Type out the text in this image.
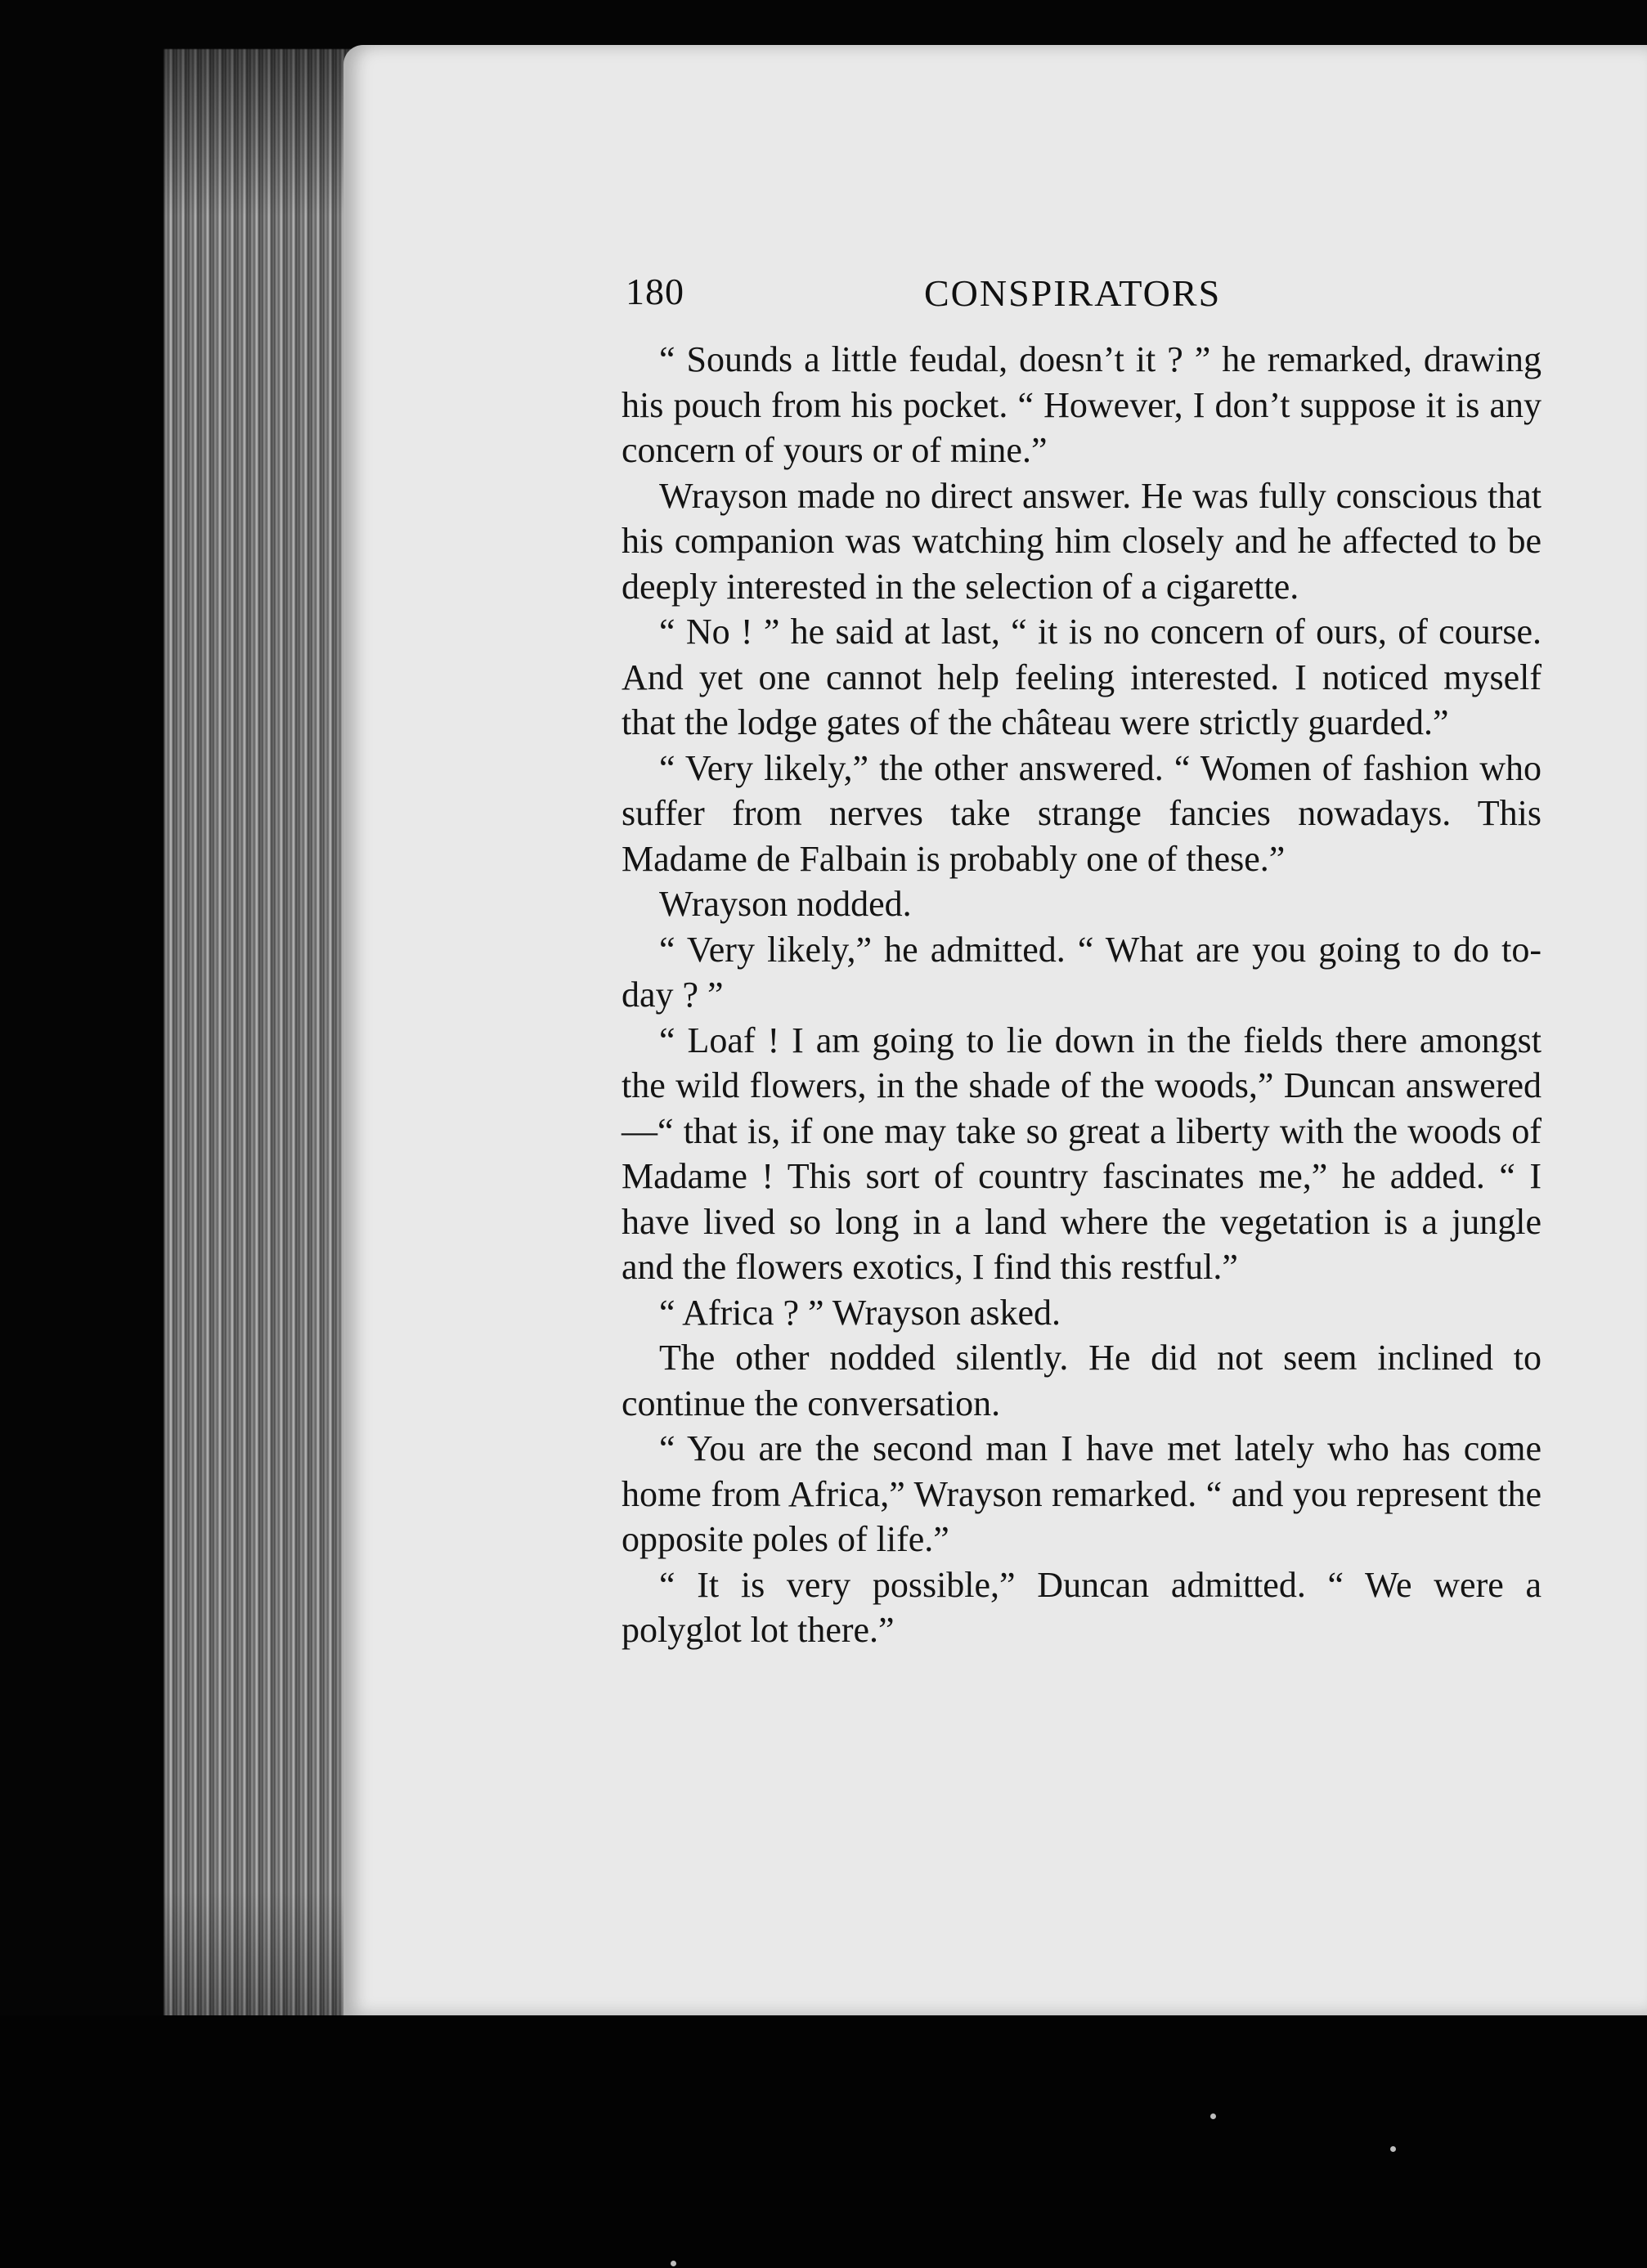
180	CONSPIRATORS

“ Sounds a little feudal, doesn’t it ? ” he remarked, drawing his pouch from his pocket. “ However, I don’t suppose it is any concern of yours or of mine.”

Wrayson made no direct answer. He was fully conscious that his companion was watching him closely and he affected to be deeply interested in the selection of a cigarette.

“ No ! ” he said at last, “ it is no concern of ours, of course. And yet one cannot help feeling interested. I noticed myself that the lodge gates of the château were strictly guarded.”

“ Very likely,” the other answered. “ Women of fashion who suffer from nerves take strange fancies nowadays. This Madame de Falbain is probably one of these.”

Wrayson nodded.

“ Very likely,” he admitted. “ What are you going to do to-day ? ”

“ Loaf ! I am going to lie down in the fields there amongst the wild flowers, in the shade of the woods,” Duncan answered—“ that is, if one may take so great a liberty with the woods of Madame ! This sort of country fascinates me,” he added. “ I have lived so long in a land where the vegetation is a jungle and the flowers exotics, I find this restful.”

“ Africa ? ” Wrayson asked.

The other nodded silently. He did not seem inclined to continue the conversation.

“ You are the second man I have met lately who has come home from Africa,” Wrayson remarked. “ and you represent the opposite poles of life.”

“ It is very possible,” Duncan admitted. “ We were a polyglot lot there.”
